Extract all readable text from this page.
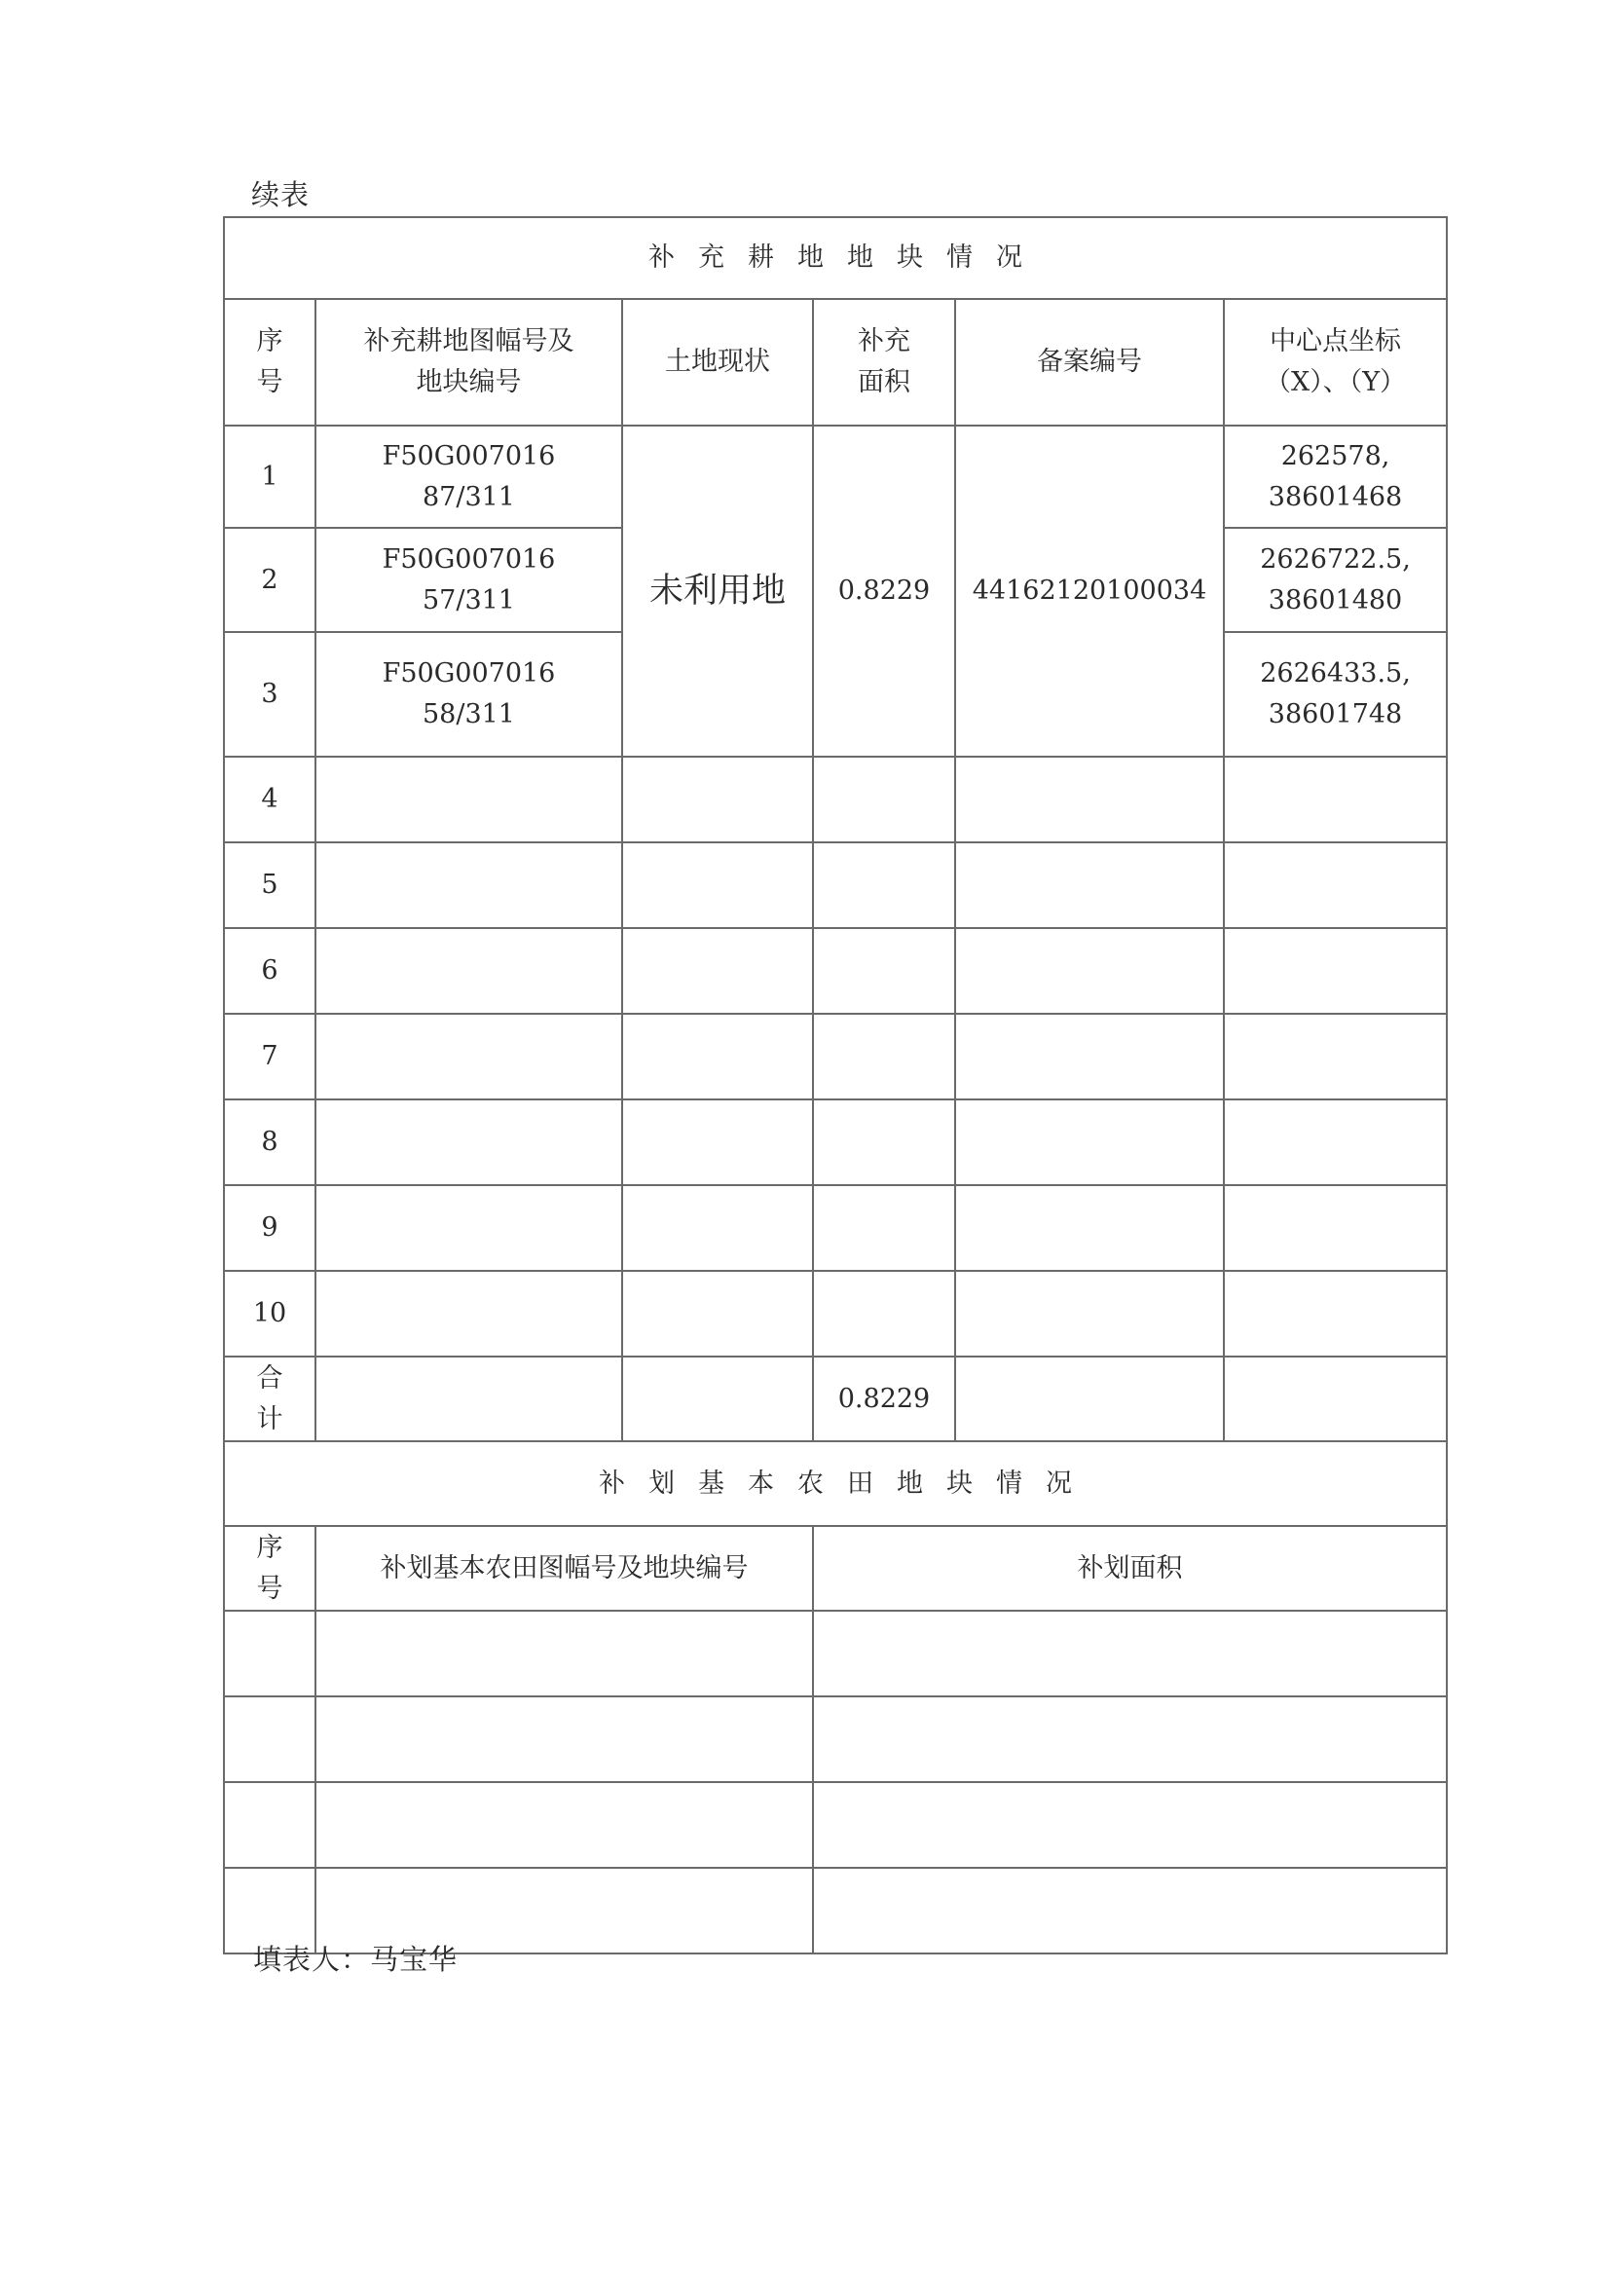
续表
补充耕地地块情况					
序号	补充耕地图幅号及地块编号	土地现状	补充面积	备案编号	中心点坐标（X）、（Y）
1	F50G007016 87/311	未利用地	0.8229	44162120100034	262578, 38601468
2	F50G007016 57/311				2626722.5, 38601480
3	F50G007016 58/311				2626433.5, 38601748
4					
5					
6					
7					
8					
9					
10					
合计			0.8229		
补划基本农田地块情况					
序号	补划基本农田图幅号及地块编号		补划面积		

填表人：马宝华
